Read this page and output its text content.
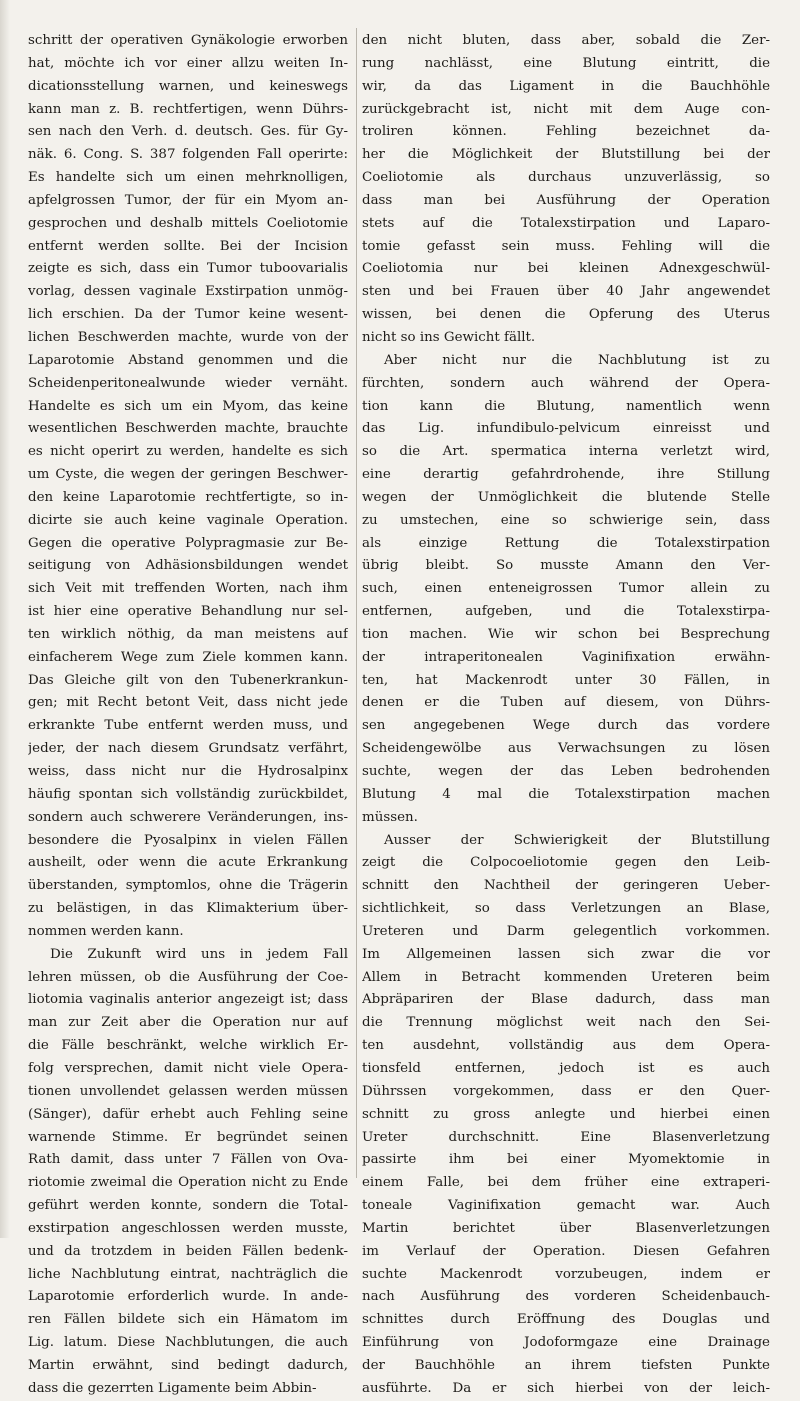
schritt der operativen Gynäkologie erworben
hat, möchte ich vor einer allzu weiten In-
dicationsstellung warnen, und keineswegs
kann man z. B. rechtfertigen, wenn Dührs-
sen nach den Verh. d. deutsch. Ges. für Gy-
näk. 6. Cong. S. 387 folgenden Fall operirte:
Es handelte sich um einen mehrknolligen,
apfelgrossen Tumor, der für ein Myom an-
gesprochen und deshalb mittels Coeliotomie
entfernt werden sollte. Bei der Incision
zeigte es sich, dass ein Tumor tuboovarialis
vorlag, dessen vaginale Exstirpation unmög-
lich erschien. Da der Tumor keine wesent-
lichen Beschwerden machte, wurde von der
Laparotomie Abstand genommen und die
Scheidenperitonealwunde wieder vernäht.
Handelte es sich um ein Myom, das keine
wesentlichen Beschwerden machte, brauchte
es nicht operirt zu werden, handelte es sich
um Cyste, die wegen der geringen Beschwer-
den keine Laparotomie rechtfertigte, so in-
dicirte sie auch keine vaginale Operation.
Gegen die operative Polypragmasie zur Be-
seitigung von Adhäsionsbildungen wendet
sich Veit mit treffenden Worten, nach ihm
ist hier eine operative Behandlung nur sel-
ten wirklich nöthig, da man meistens auf
einfacherem Wege zum Ziele kommen kann.
Das Gleiche gilt von den Tubenerkrankun-
gen; mit Recht betont Veit, dass nicht jede
erkrankte Tube entfernt werden muss, und
jeder, der nach diesem Grundsatz verfährt,
weiss, dass nicht nur die Hydrosalpinx
häufig spontan sich vollständig zurückbildet,
sondern auch schwerere Veränderungen, ins-
besondere die Pyosalpinx in vielen Fällen
ausheilt, oder wenn die acute Erkrankung
überstanden, symptomlos, ohne die Trägerin
zu belästigen, in das Klimakterium über-
nommen werden kann.
Die Zukunft wird uns in jedem Fall
lehren müssen, ob die Ausführung der Coe-
liotomia vaginalis anterior angezeigt ist; dass
man zur Zeit aber die Operation nur auf
die Fälle beschränkt, welche wirklich Er-
folg versprechen, damit nicht viele Opera-
tionen unvollendet gelassen werden müssen
(Sänger), dafür erhebt auch Fehling seine
warnende Stimme. Er begründet seinen
Rath damit, dass unter 7 Fällen von Ova-
riotomie zweimal die Operation nicht zu Ende
geführt werden konnte, sondern die Total-
exstirpation angeschlossen werden musste,
und da trotzdem in beiden Fällen bedenk-
liche Nachblutung eintrat, nachträglich die
Laparotomie erforderlich wurde. In ande-
ren Fällen bildete sich ein Hämatom im
Lig. latum. Diese Nachblutungen, die auch
Martin erwähnt, sind bedingt dadurch,
dass die gezerrten Ligamente beim Abbin-
den nicht bluten, dass aber, sobald die Zer-
rung nachlässt, eine Blutung eintritt, die
wir, da das Ligament in die Bauchhöhle
zurückgebracht ist, nicht mit dem Auge con-
troliren können. Fehling bezeichnet da-
her die Möglichkeit der Blutstillung bei der
Coeliotomie als durchaus unzuverlässig, so
dass man bei Ausführung der Operation
stets auf die Totalexstirpation und Laparo-
tomie gefasst sein muss. Fehling will die
Coeliotomia nur bei kleinen Adnexgeschwül-
sten und bei Frauen über 40 Jahr angewendet
wissen, bei denen die Opferung des Uterus
nicht so ins Gewicht fällt.
Aber nicht nur die Nachblutung ist zu
fürchten, sondern auch während der Opera-
tion kann die Blutung, namentlich wenn
das Lig. infundibulo-pelvicum einreisst und
so die Art. spermatica interna verletzt wird,
eine derartig gefahrdrohende, ihre Stillung
wegen der Unmöglichkeit die blutende Stelle
zu umstechen, eine so schwierige sein, dass
als einzige Rettung die Totalexstirpation
übrig bleibt. So musste Amann den Ver-
such, einen enteneigrossen Tumor allein zu
entfernen, aufgeben, und die Totalexstirpa-
tion machen. Wie wir schon bei Besprechung
der intraperitonealen Vaginifixation erwähn-
ten, hat Mackenrodt unter 30 Fällen, in
denen er die Tuben auf diesem, von Dührs-
sen angegebenen Wege durch das vordere
Scheidengewölbe aus Verwachsungen zu lösen
suchte, wegen der das Leben bedrohenden
Blutung 4 mal die Totalexstirpation machen
müssen.
Ausser der Schwierigkeit der Blutstillung
zeigt die Colpocoeliotomie gegen den Leib-
schnitt den Nachtheil der geringeren Ueber-
sichtlichkeit, so dass Verletzungen an Blase,
Ureteren und Darm gelegentlich vorkommen.
Im Allgemeinen lassen sich zwar die vor
Allem in Betracht kommenden Ureteren beim
Abpräpariren der Blase dadurch, dass man
die Trennung möglichst weit nach den Sei-
ten ausdehnt, vollständig aus dem Opera-
tionsfeld entfernen, jedoch ist es auch
Dührssen vorgekommen, dass er den Quer-
schnitt zu gross anlegte und hierbei einen
Ureter durchschnitt. Eine Blasenverletzung
passirte ihm bei einer Myomektomie in
einem Falle, bei dem früher eine extraperi-
toneale Vaginifixation gemacht war. Auch
Martin berichtet über Blasenverletzungen
im Verlauf der Operation. Diesen Gefahren
suchte Mackenrodt vorzubeugen, indem er
nach Ausführung des vorderen Scheidenbauch-
schnittes durch Eröffnung des Douglas und
Einführung von Jodoformgaze eine Drainage
der Bauchhöhle an ihrem tiefsten Punkte
ausführte. Da er sich hierbei von der leich-
